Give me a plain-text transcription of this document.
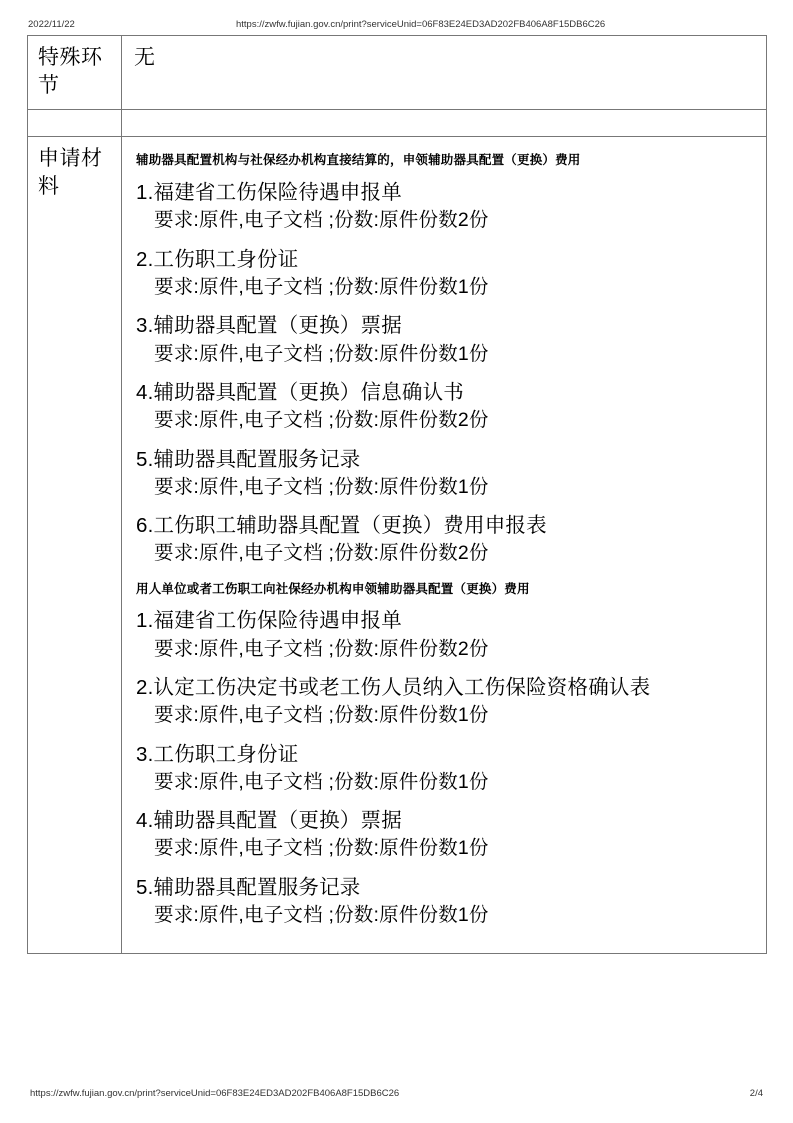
2022/11/22	https://zwfw.fujian.gov.cn/print?serviceUnid=06F83E24ED3AD202FB406A8F15DB6C26
特殊环节	无

申请材料	
辅助器具配置机构与社保经办机构直接结算的，申领辅助器具配置（更换）费用
1.福建省工伤保险待遇申报单
要求:原件,电子文档 ;份数:原件份数2份
2.工伤职工身份证
要求:原件,电子文档 ;份数:原件份数1份
3.辅助器具配置（更换）票据
要求:原件,电子文档 ;份数:原件份数1份
4.辅助器具配置（更换）信息确认书
要求:原件,电子文档 ;份数:原件份数2份
5.辅助器具配置服务记录
要求:原件,电子文档 ;份数:原件份数1份
6.工伤职工辅助器具配置（更换）费用申报表
要求:原件,电子文档 ;份数:原件份数2份
用人单位或者工伤职工向社保经办机构申领辅助器具配置（更换）费用
1.福建省工伤保险待遇申报单
要求:原件,电子文档 ;份数:原件份数2份
2.认定工伤决定书或老工伤人员纳入工伤保险资格确认表
要求:原件,电子文档 ;份数:原件份数1份
3.工伤职工身份证
要求:原件,电子文档 ;份数:原件份数1份
4.辅助器具配置（更换）票据
要求:原件,电子文档 ;份数:原件份数1份
5.辅助器具配置服务记录
要求:原件,电子文档 ;份数:原件份数1份
https://zwfw.fujian.gov.cn/print?serviceUnid=06F83E24ED3AD202FB406A8F15DB6C26	2/4
